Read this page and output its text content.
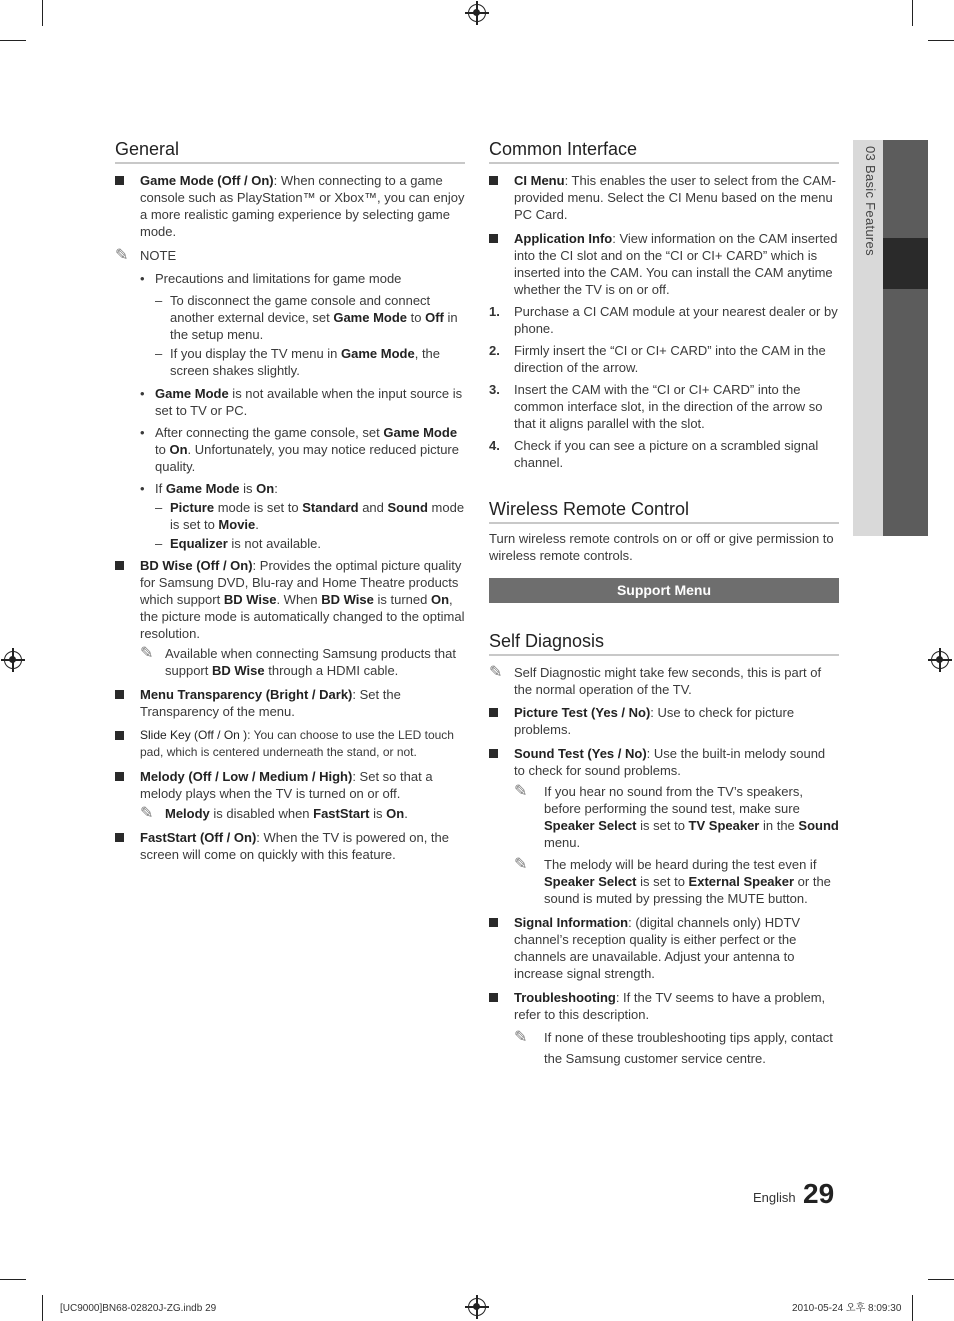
03 Basic Features
General
Game Mode (Off / On): When connecting to a game console such as PlayStation™ or Xbox™, you can enjoy a more realistic gaming experience by selecting game mode.
✎ NOTE
• Precautions and limitations for game mode
– To disconnect the game console and connect another external device, set Game Mode to Off in the setup menu.
– If you display the TV menu in Game Mode, the screen shakes slightly.
• Game Mode is not available when the input source is set to TV or PC.
• After connecting the game console, set Game Mode to On. Unfortunately, you may notice reduced picture quality.
• If Game Mode is On:
– Picture mode is set to Standard and Sound mode is set to Movie.
– Equalizer is not available.
BD Wise (Off / On): Provides the optimal picture quality for Samsung DVD, Blu-ray and Home Theatre products which support BD Wise. When BD Wise is turned On, the picture mode is automatically changed to the optimal resolution.
✎ Available when connecting Samsung products that support BD Wise through a HDMI cable.
Menu Transparency (Bright / Dark): Set the Transparency of the menu.
Slide Key (Off / On ): You can choose to use the LED touch pad, which is centered underneath the stand, or not.
Melody (Off / Low / Medium / High): Set so that a melody plays when the TV is turned on or off.
✎ Melody is disabled when FastStart is On.
FastStart (Off / On): When the TV is powered on, the screen will come on quickly with this feature.
Common Interface
CI Menu: This enables the user to select from the CAM-provided menu. Select the CI Menu based on the menu PC Card.
Application Info: View information on the CAM inserted into the CI slot and on the “CI or CI+ CARD” which is inserted into the CAM. You can install the CAM anytime whether the TV is on or off.
1. Purchase a CI CAM module at your nearest dealer or by phone.
2. Firmly insert the “CI or CI+ CARD” into the CAM in the direction of the arrow.
3. Insert the CAM with the “CI or CI+ CARD” into the common interface slot, in the direction of the arrow so that it aligns parallel with the slot.
4. Check if you can see a picture on a scrambled signal channel.
Wireless Remote Control
Turn wireless remote controls on or off or give permission to wireless remote controls.
Support Menu
Self Diagnosis
✎ Self Diagnostic might take few seconds, this is part of the normal operation of the TV.
Picture Test (Yes / No): Use to check for picture problems.
Sound Test (Yes / No): Use the built-in melody sound to check for sound problems.
✎ If you hear no sound from the TV’s speakers, before performing the sound test, make sure Speaker Select is set to TV Speaker in the Sound menu.
✎ The melody will be heard during the test even if Speaker Select is set to External Speaker or the sound is muted by pressing the MUTE button.
Signal Information: (digital channels only) HDTV channel’s reception quality is either perfect or the channels are unavailable. Adjust your antenna to increase signal strength.
Troubleshooting: If the TV seems to have a problem, refer to this description.
✎ If none of these troubleshooting tips apply, contact the Samsung customer service centre.
English 29
[UC9000]BN68-02820J-ZG.indb 29	2010-05-24 오후 8:09:30
